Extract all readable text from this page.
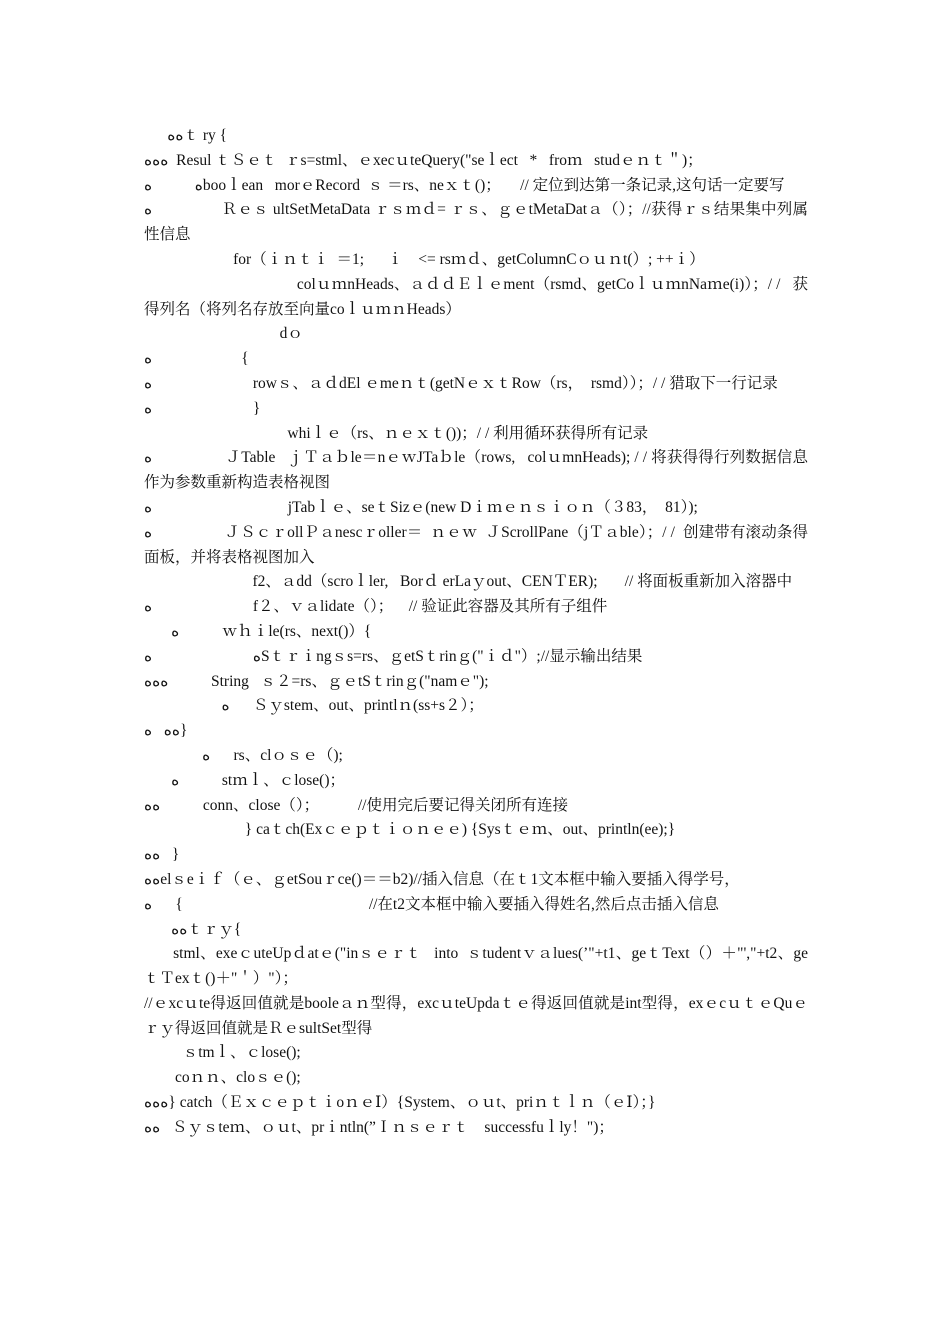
ﻩﻩｔ ry {
ﻩﻩﻩ  Resul ｔＳｅｔ  ｒs=stml、ｅxecｕteQuery("seｌect   *   froｍ   studｅｎｔ＂)；
ﻩ           ﻩbooｌean   morｅRecord  ｓ ＝rs、neｘｔ()；     // 定位到达第一条记录,这句话一定要写
ﻩ                 Ｒｅｓ ultSetMetaData ｒｓｍｄ= ｒｓ、ｇｅtMetaDatａ（）；//获得ｒｓ结果集中列属性信息
for（ｉｎｔｉ  ＝1;      ｉ    <= rsｍｄ、getColumnCｏｕｎt(）; ++ｉ）
colｕｍnHeads、ａｄｄＥｌｅment（rsmd、getCoｌｕｍnNaｍe(i)）；/ /   获得列名（将列名存放至向量coｌｕｍｎHeads）
dｏ
ﻩ                       {
ﻩ                          rowｓ、ａｄdEl ｅmeｎｔ(getNｅｘｔRow（rs，  rsmd））；/ / 猎取下一行记录
ﻩ                          }
whiｌｅ（rs、ｎｅｘｔ())；/ / 利用循环获得所有记录
ﻩ                  ＪTable   ｊＴａｂle＝nｅｗJTaｂle（rows,   colｕmnHeads); / / 将获得得行列数据信息作为参数重新构造表格视图
ﻩ                                   jTabｌｅ、seｔSizｅ(new Dｉｍｅｎｓｉｏｎ（３83，  81）);
ﻩ                  ＪＳｃｒollＰａnescｒoller＝  ｎｅｗ  ＪScrollPane（jＴａble）；/ /  创建带有滚动条得面板，并将表格视图加入
f2、ａdd（scroｌler,   Borｄ erLaｙout、CENＴER);       // 将面板重新加入溶器中
ﻩ                          f２、ｖａlidate（）；    // 验证此容器及其所有子组件
ﻩ           ｗｈｉle(rs、next()）{
ﻩ                          ﻩSｔｒｉngｓs=rs、ｇetSｔrinｇ("ｉｄ"）;//显示输出结果
ﻩﻩﻩ           String   ｓ２=rs、ｇｅtSｔrinｇ("namｅ");
ﻩ      Ｓｙstem、out、printlｎ(ss+s２）；
ﻩﻩ   ﻩ}
ﻩ      rs、clｏｓｅ（);
ﻩ           stｍｌ、ｃlose()；
ﻩﻩ           conn、close（）；          //使用完后要记得关闭所有连接
} caｔch(Exｃｅｐｔｉｏｎｅｅ) {Sysｔｅｍ、out、println(ee);}
ﻩﻩ   }
ﻩﻩelｓeｉｆ（ｅ、ｇetSouｒce()＝＝b2)//插入信息（在ｔ1文本框中输入要插入得学号，
ﻩ      {                                                //在t2文本框中输入要插入得姓名,然后点击插入信息
ﻩﻩｔｒｙ{
stml、exeｃuteUpｄatｅ("inｓｅｒｔ   into  ｓtudentｖａlues(’"+t1、geｔText（）＋"',"+t2、geｔＴexｔ()＋"＇）"）；
//ｅxcｕte得返回值就是booleａｎ型得，excｕteUpdaｔｅ得返回值就是int型得，exｅcｕｔｅQuｅｒｙ得返回值就是ＲｅsultSet型得
ｓtmｌ、ｃlose();
coｎｎ、cloｓｅ();
ﻩﻩﻩ} catch（ＥｘｃｅｐｔｉoｎｅⅠ）{System、ｏｕt、priｎｔｌｎ（ｅⅠ）；}
ﻩﻩ   Ｓｙｓteｍ、ｏｕt、prｉntln(”Ｉｎｓｅｒｔ    successfuｌly！")；
